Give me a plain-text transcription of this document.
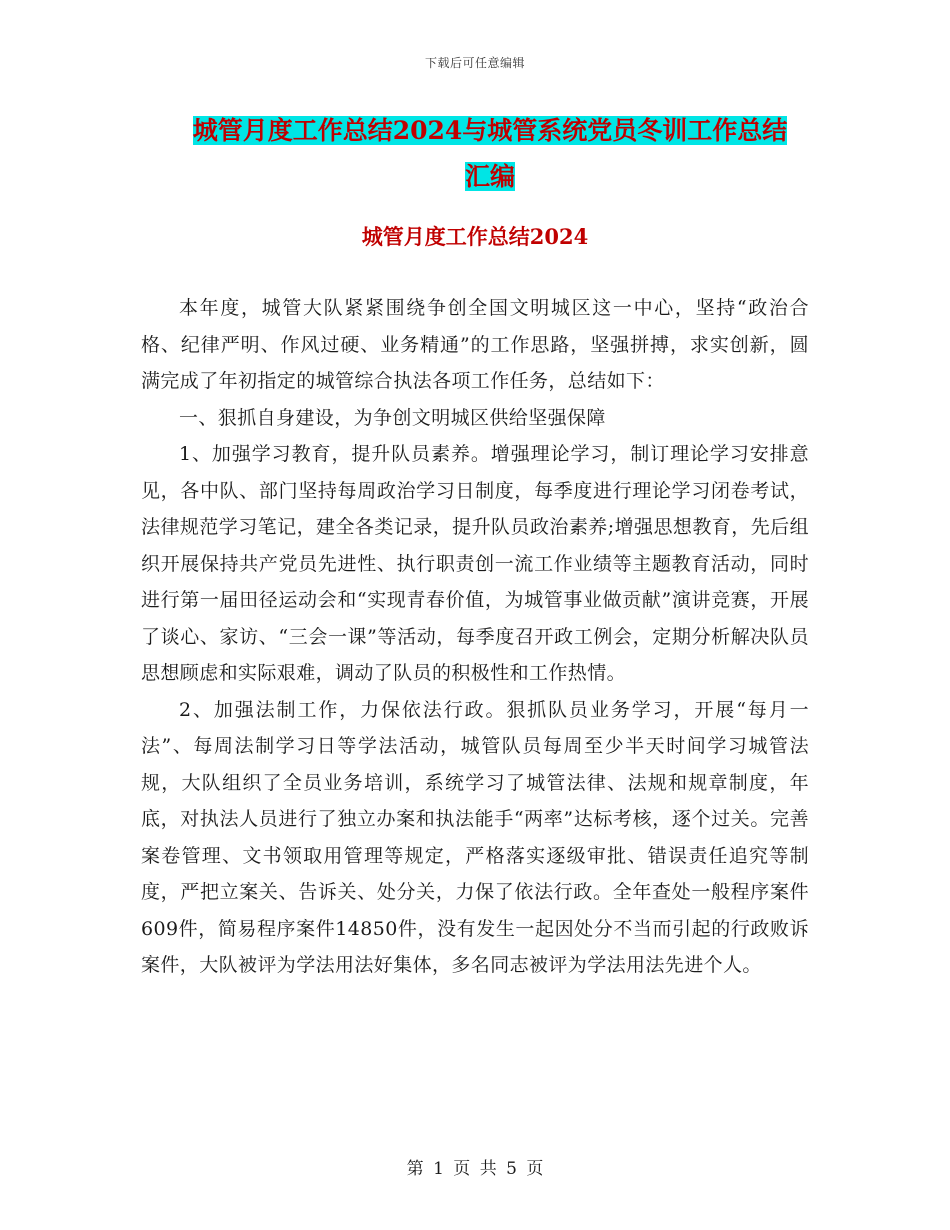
下载后可任意编辑
城管月度工作总结2024与城管系统党员冬训工作总结
汇编
城管月度工作总结2024

本年度，城管大队紧紧围绕争创全国文明城区这一中心，坚持“政治合格、纪律严明、作风过硬、业务精通”的工作思路，坚强拼搏，求实创新，圆满完成了年初指定的城管综合执法各项工作任务，总结如下：

一、狠抓自身建设，为争创文明城区供给坚强保障

1、加强学习教育，提升队员素养。增强理论学习，制订理论学习安排意见，各中队、部门坚持每周政治学习日制度，每季度进行理论学习闭卷考试，法律规范学习笔记，建全各类记录，提升队员政治素养;增强思想教育，先后组织开展保持共产党员先进性、执行职责创一流工作业绩等主题教育活动，同时进行第一届田径运动会和“实现青春价值，为城管事业做贡献”演讲竞赛，开展了谈心、家访、“三会一课”等活动，每季度召开政工例会，定期分析解决队员思想顾虑和实际艰难，调动了队员的积极性和工作热情。

2、加强法制工作，力保依法行政。狠抓队员业务学习，开展“每月一法”、每周法制学习日等学法活动，城管队员每周至少半天时间学习城管法规，大队组织了全员业务培训，系统学习了城管法律、法规和规章制度，年底，对执法人员进行了独立办案和执法能手“两率”达标考核，逐个过关。完善案卷管理、文书领取用管理等规定，严格落实逐级审批、错误责任追究等制度，严把立案关、告诉关、处分关，力保了依法行政。全年查处一般程序案件609件，简易程序案件14850件，没有发生一起因处分不当而引起的行政败诉案件，大队被评为学法用法好集体，多名同志被评为学法用法先进个人。

第 1 页 共 5 页
